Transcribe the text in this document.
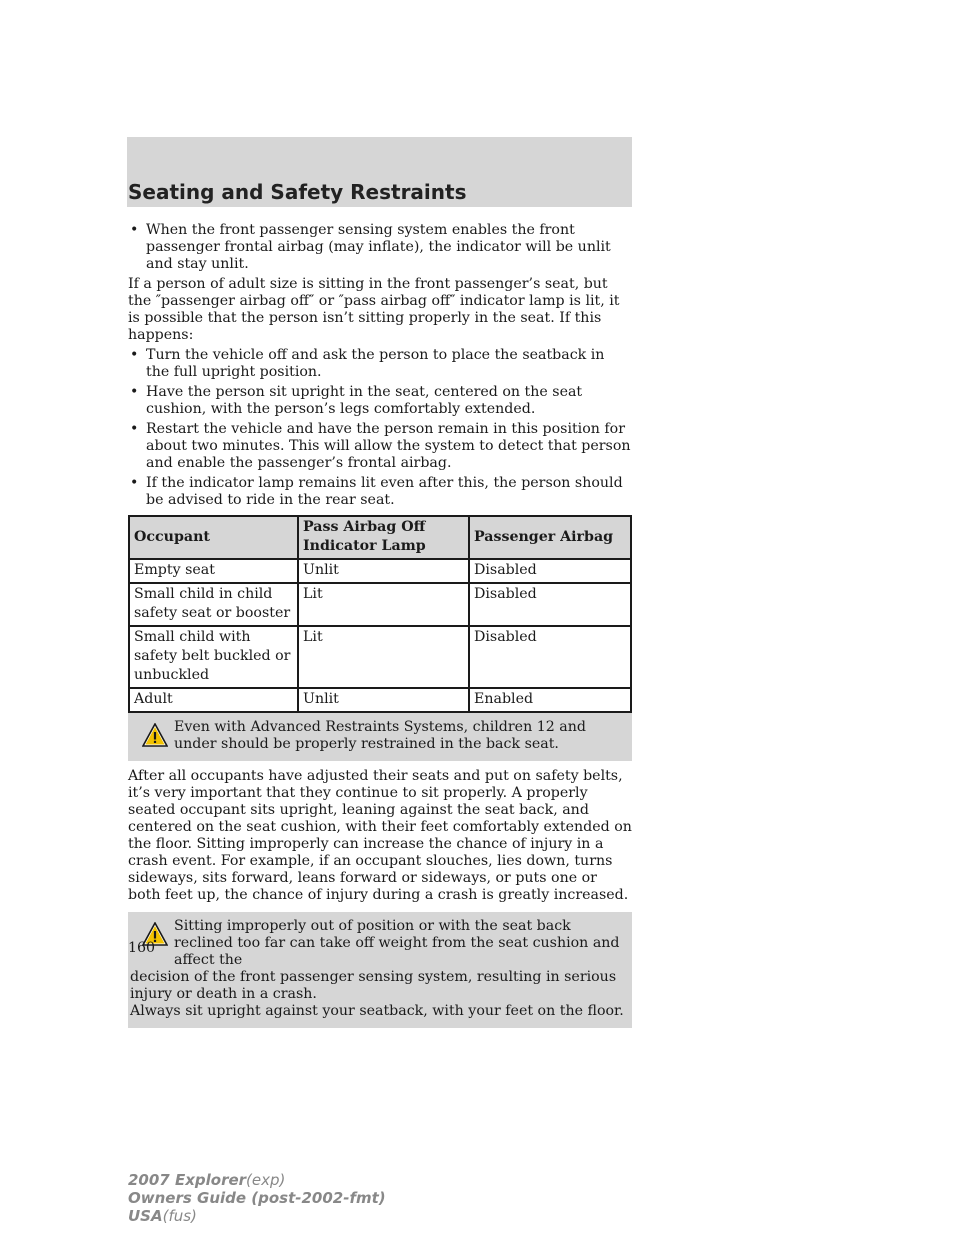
Seating and Safety Restraints
• When the front passenger sensing system enables the front passenger frontal airbag (may inflate), the indicator will be unlit and stay unlit.

If a person of adult size is sitting in the front passenger’s seat, but the ″passenger airbag off″ or ″pass airbag off″ indicator lamp is lit, it is possible that the person isn’t sitting properly in the seat. If this happens:

• Turn the vehicle off and ask the person to place the seatback in the full upright position.
• Have the person sit upright in the seat, centered on the seat cushion, with the person’s legs comfortably extended.
• Restart the vehicle and have the person remain in this position for about two minutes. This will allow the system to detect that person and enable the passenger’s frontal airbag.
• If the indicator lamp remains lit even after this, the person should be advised to ride in the rear seat.
Occupant	Pass Airbag Off Indicator Lamp	Passenger Airbag
Empty seat	Unlit	Disabled
Small child in child safety seat or booster	Lit	Disabled
Small child with safety belt buckled or unbuckled	Lit	Disabled
Adult	Unlit	Enabled
Even with Advanced Restraints Systems, children 12 and under should be properly restrained in the back seat.

After all occupants have adjusted their seats and put on safety belts, it’s very important that they continue to sit properly. A properly seated occupant sits upright, leaning against the seat back, and centered on the seat cushion, with their feet comfortably extended on the floor. Sitting improperly can increase the chance of injury in a crash event. For example, if an occupant slouches, lies down, turns sideways, sits forward, leans forward or sideways, or puts one or both feet up, the chance of injury during a crash is greatly increased.

Sitting improperly out of position or with the seat back reclined too far can take off weight from the seat cushion and affect the
decision of the front passenger sensing system, resulting in serious injury or death in a crash.
Always sit upright against your seatback, with your feet on the floor.
160
2007 Explorer(exp)
Owners Guide (post-2002-fmt)
USA(fus)
